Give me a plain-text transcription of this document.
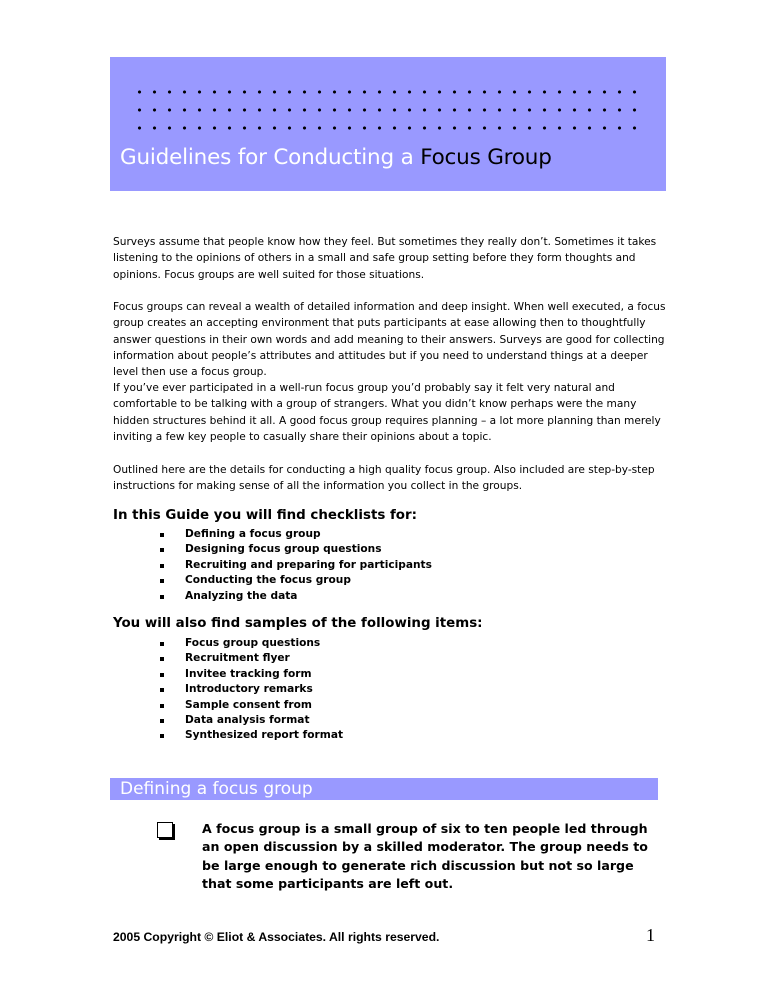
Guidelines for Conducting a Focus Group

Surveys assume that people know how they feel. But sometimes they really don’t. Sometimes it takes listening to the opinions of others in a small and safe group setting before they form thoughts and opinions. Focus groups are well suited for those situations.

Focus groups can reveal a wealth of detailed information and deep insight. When well executed, a focus group creates an accepting environment that puts participants at ease allowing then to thoughtfully answer questions in their own words and add meaning to their answers. Surveys are good for collecting information about people’s attributes and attitudes but if you need to understand things at a deeper level then use a focus group.

If you’ve ever participated in a well-run focus group you’d probably say it felt very natural and comfortable to be talking with a group of strangers. What you didn’t know perhaps were the many hidden structures behind it all. A good focus group requires planning – a lot more planning than merely inviting a few key people to casually share their opinions about a topic.

Outlined here are the details for conducting a high quality focus group. Also included are step-by-step instructions for making sense of all the information you collect in the groups.

In this Guide you will find checklists for:
Defining a focus group
Designing focus group questions
Recruiting and preparing for participants
Conducting the focus group
Analyzing the data
You will also find samples of the following items:
Focus group questions
Recruitment flyer
Invitee tracking form
Introductory remarks
Sample consent from
Data analysis format
Synthesized report format
Defining a focus group

A focus group is a small group of six to ten people led through an open discussion by a skilled moderator. The group needs to be large enough to generate rich discussion but not so large that some participants are left out.

2005 Copyright © Eliot & Associates. All rights reserved.	1
